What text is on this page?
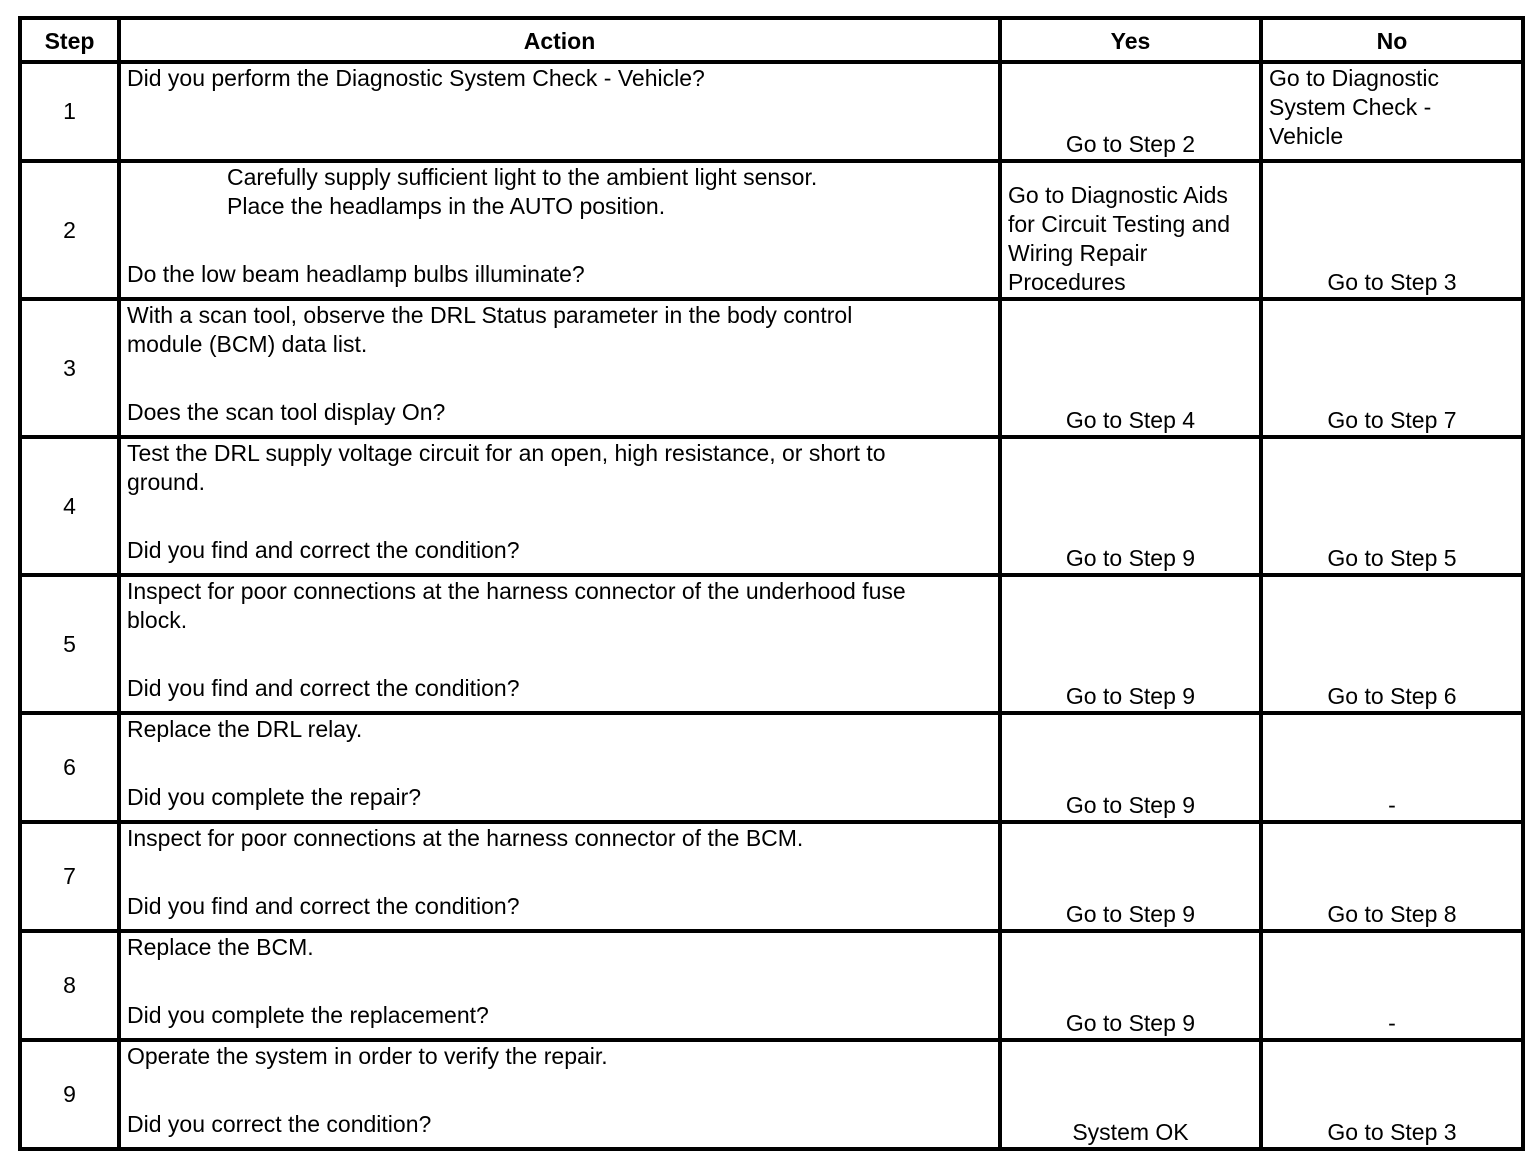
Step	Action	Yes	No
1	Did you perform the Diagnostic System Check - Vehicle?	Go to Step 2	Go to Diagnostic
System Check -
Vehicle

2	Carefully supply sufficient light to the ambient light sensor.
Place the headlamps in the AUTO position.
Do the low beam headlamp bulbs illuminate?	Go to Diagnostic Aids
for Circuit Testing and
Wiring Repair
Procedures	Go to Step 3
3	With a scan tool, observe the DRL Status parameter in the body control
module (BCM) data list.
Does the scan tool display On?	Go to Step 4	Go to Step 7
4	Test the DRL supply voltage circuit for an open, high resistance, or short to
ground.
Did you find and correct the condition?	Go to Step 9	Go to Step 5
5	Inspect for poor connections at the harness connector of the underhood fuse
block.
Did you find and correct the condition?	Go to Step 9	Go to Step 6
6	Replace the DRL relay.
Did you complete the repair?	Go to Step 9	-
7	Inspect for poor connections at the harness connector of the BCM.
Did you find and correct the condition?	Go to Step 9	Go to Step 8
8	Replace the BCM.
Did you complete the replacement?	Go to Step 9	-
9	Operate the system in order to verify the repair.
Did you correct the condition?	System OK	Go to Step 3
